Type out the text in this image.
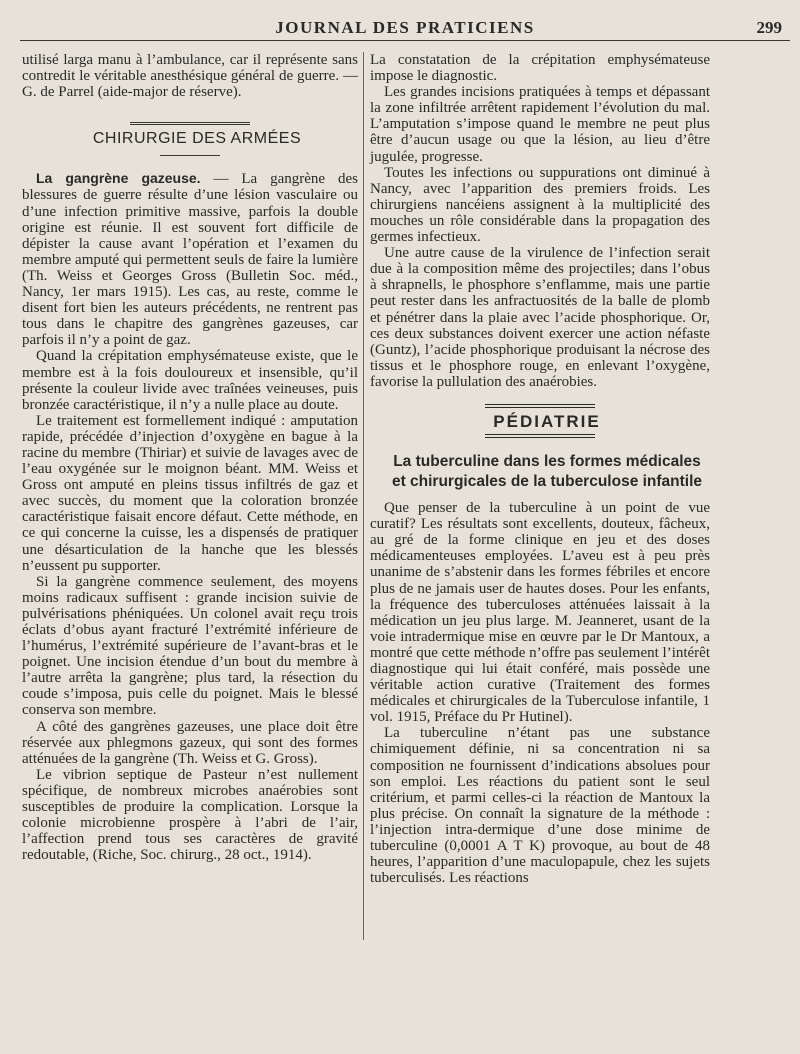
JOURNAL DES PRATICIENS	299

utilisé larga manu à l’ambulance, car il représente sans contredit le véritable anesthésique général de guerre. — G. de Parrel (aide-major de réserve).

CHIRURGIE DES ARMÉES

La gangrène gazeuse. — La gangrène des blessures de guerre résulte d’une lésion vasculaire ou d’une infection primitive massive, parfois la double origine est réunie. Il est souvent fort difficile de dépister la cause avant l’opération et l’examen du membre amputé qui permettent seuls de faire la lumière (Th. Weiss et Georges Gross (Bulletin Soc. méd., Nancy, 1er mars 1915). Les cas, au reste, comme le disent fort bien les auteurs précédents, ne rentrent pas tous dans le chapitre des gangrènes gazeuses, car parfois il n’y a point de gaz.

Quand la crépitation emphysémateuse existe, que le membre est à la fois douloureux et insensible, qu’il présente la couleur livide avec traînées veineuses, puis bronzée caractéristique, il n’y a nulle place au doute.

Le traitement est formellement indiqué : amputation rapide, précédée d’injection d’oxygène en bague à la racine du membre (Thiriar) et suivie de lavages avec de l’eau oxygénée sur le moignon béant. MM. Weiss et Gross ont amputé en pleins tissus infiltrés de gaz et avec succès, du moment que la coloration bronzée caractéristique faisait encore défaut. Cette méthode, en ce qui concerne la cuisse, les a dispensés de pratiquer une désarticulation de la hanche que les blessés n’eussent pu supporter.

Si la gangrène commence seulement, des moyens moins radicaux suffisent : grande incision suivie de pulvérisations phéniquées. Un colonel avait reçu trois éclats d’obus ayant fracturé l’extrémité inférieure de l’humérus, l’extrémité supérieure de l’avant-bras et le poignet. Une incision étendue d’un bout du membre à l’autre arrêta la gangrène; plus tard, la résection du coude s’imposa, puis celle du poignet. Mais le blessé conserva son membre.

A côté des gangrènes gazeuses, une place doit être réservée aux phlegmons gazeux, qui sont des formes atténuées de la gangrène (Th. Weiss et G. Gross).

Le vibrion septique de Pasteur n’est nullement spécifique, de nombreux microbes anaérobies sont susceptibles de produire la complication. Lorsque la colonie microbienne prospère à l’abri de l’air, l’affection prend tous ses caractères de gravité redoutable, (Riche, Soc. chirurg., 28 oct., 1914).

La constatation de la crépitation emphysémateuse impose le diagnostic.

Les grandes incisions pratiquées à temps et dépassant la zone infiltrée arrêtent rapidement l’évolution du mal. L’amputation s’impose quand le membre ne peut plus être d’aucun usage ou que la lésion, au lieu d’être jugulée, progresse.

Toutes les infections ou suppurations ont diminué à Nancy, avec l’apparition des premiers froids. Les chirurgiens nancéiens assignent à la multiplicité des mouches un rôle considérable dans la propagation des germes infectieux.

Une autre cause de la virulence de l’infection serait due à la composition même des projectiles; dans l’obus à shrapnells, le phosphore s’enflamme, mais une partie peut rester dans les anfractuosités de la balle de plomb et pénétrer dans la plaie avec l’acide phosphorique. Or, ces deux substances doivent exercer une action néfaste (Guntz), l’acide phosphorique produisant la nécrose des tissus et le phosphore rouge, en enlevant l’oxygène, favorise la pullulation des anaérobies.

PÉDIATRIE

La tuberculine dans les formes médicales

et chirurgicales de la tuberculose infantile

Que penser de la tuberculine à un point de vue curatif? Les résultats sont excellents, douteux, fâcheux, au gré de la forme clinique en jeu et des doses médicamenteuses employées. L’aveu est à peu près unanime de s’abstenir dans les formes fébriles et encore plus de ne jamais user de hautes doses. Pour les enfants, la fréquence des tuberculoses atténuées laissait à la médication un jeu plus large. M. Jeanneret, usant de la voie intradermique mise en œuvre par le Dr Mantoux, a montré que cette méthode n’offre pas seulement l’intérêt diagnostique qui lui était conféré, mais possède une véritable action curative (Traitement des formes médicales et chirurgicales de la Tuberculose infantile, 1 vol. 1915, Préface du Pr Hutinel).

La tuberculine n’étant pas une substance chimiquement définie, ni sa concentration ni sa composition ne fournissent d’indications absolues pour son emploi. Les réactions du patient sont le seul critérium, et parmi celles-ci la réaction de Mantoux la plus précise. On connaît la signature de la méthode : l’injection intra-dermique d’une dose minime de tuberculine (0,0001 A T K) provoque, au bout de 48 heures, l’apparition d’une maculopapule, chez les sujets tuberculisés. Les réactions
